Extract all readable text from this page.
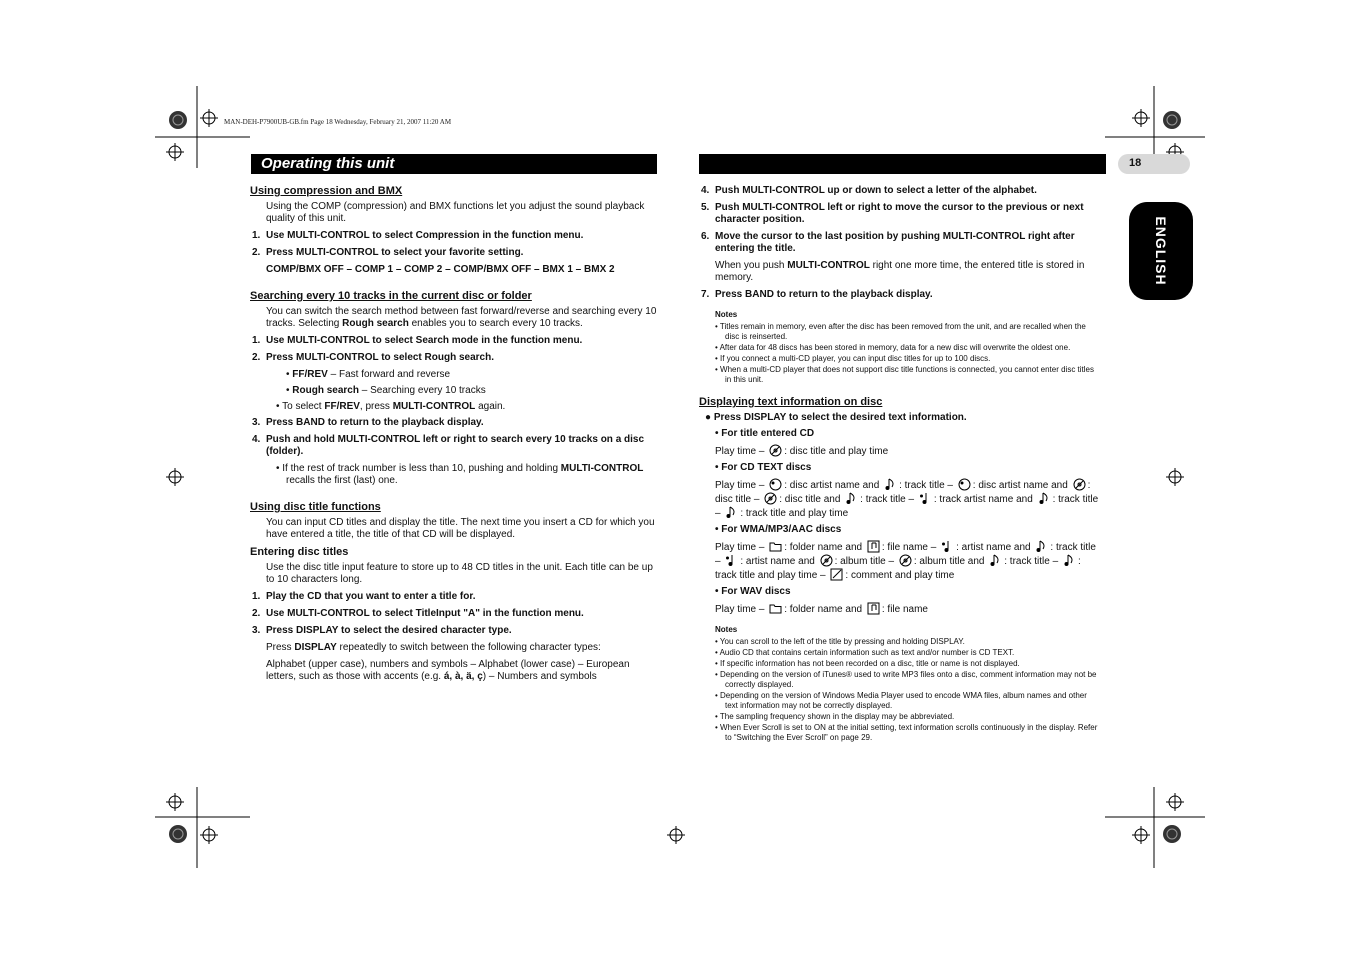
MAN-DEH-P7900UB-GB.fm Page 18 Wednesday, February 21, 2007 11:20 AM
Operating this unit	18
ENGLISH
Using compression and BMX
Using the COMP (compression) and BMX functions let you adjust the sound playback quality of this unit.
1. Use MULTI-CONTROL to select Compression in the function menu.
2. Press MULTI-CONTROL to select your favorite setting.
COMP/BMX OFF – COMP 1 – COMP 2 – COMP/BMX OFF – BMX 1 – BMX 2
Searching every 10 tracks in the current disc or folder
You can switch the search method between fast forward/reverse and searching every 10 tracks. Selecting Rough search enables you to search every 10 tracks.
1. Use MULTI-CONTROL to select Search mode in the function menu.
2. Press MULTI-CONTROL to select Rough search.
• FF/REV – Fast forward and reverse
• Rough search – Searching every 10 tracks
• To select FF/REV, press MULTI-CONTROL again.
3. Press BAND to return to the playback display.
4. Push and hold MULTI-CONTROL left or right to search every 10 tracks on a disc (folder).
• If the rest of track number is less than 10, pushing and holding MULTI-CONTROL recalls the first (last) one.
Using disc title functions
You can input CD titles and display the title. The next time you insert a CD for which you have entered a title, the title of that CD will be displayed.
Entering disc titles
Use the disc title input feature to store up to 48 CD titles in the unit. Each title can be up to 10 characters long.
1. Play the CD that you want to enter a title for.
2. Use MULTI-CONTROL to select TitleInput "A" in the function menu.
3. Press DISPLAY to select the desired character type.
Press DISPLAY repeatedly to switch between the following character types:
Alphabet (upper case), numbers and symbols – Alphabet (lower case) – European letters, such as those with accents (e.g. á, à, ä, ç) – Numbers and symbols
4. Push MULTI-CONTROL up or down to select a letter of the alphabet.
5. Push MULTI-CONTROL left or right to move the cursor to the previous or next character position.
6. Move the cursor to the last position by pushing MULTI-CONTROL right after entering the title.
When you push MULTI-CONTROL right one more time, the entered title is stored in memory.
7. Press BAND to return to the playback display.
Notes
• Titles remain in memory, even after the disc has been removed from the unit, and are recalled when the disc is reinserted.
• After data for 48 discs has been stored in memory, data for a new disc will overwrite the oldest one.
• If you connect a multi-CD player, you can input disc titles for up to 100 discs.
• When a multi-CD player that does not support disc title functions is connected, you cannot enter disc titles in this unit.
Displaying text information on disc
● Press DISPLAY to select the desired text information.
• For title entered CD
Play time – : disc title and play time
• For CD TEXT discs
Play time – : disc artist name and : track title – : disc artist name and : disc title – : disc title and : track title – : track artist name and : track title – : track title and play time
• For WMA/MP3/AAC discs
Play time – : folder name and : file name – : artist name and : track title – : artist name and : album title – : album title and : track title – : track title and play time – : comment and play time
• For WAV discs
Play time – : folder name and : file name
Notes
• You can scroll to the left of the title by pressing and holding DISPLAY.
• Audio CD that contains certain information such as text and/or number is CD TEXT.
• If specific information has not been recorded on a disc, title or name is not displayed.
• Depending on the version of iTunes® used to write MP3 files onto a disc, comment information may not be correctly displayed.
• Depending on the version of Windows Media Player used to encode WMA files, album names and other text information may not be correctly displayed.
• The sampling frequency shown in the display may be abbreviated.
• When Ever Scroll is set to ON at the initial setting, text information scrolls continuously in the display. Refer to “Switching the Ever Scroll” on page 29.
